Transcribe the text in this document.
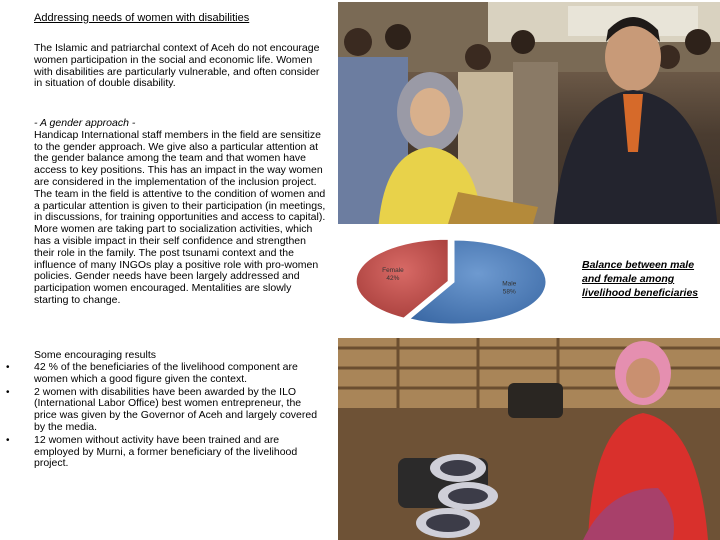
Addressing needs of women with disabilities

The Islamic and patriarchal context of Aceh do not encourage women participation in the social and economic life. Women with disabilities are particularly vulnerable, and often consider in situation of double disability.

- A gender approach -
Handicap International staff members in the field are sensitize to the gender approach. We give also a particular attention at the gender balance among the team and that women have access to key positions. This has an impact in the way women are considered in the implementation of the inclusion project. The team in the field is attentive to the condition of women and a particular attention is given to their participation (in meetings, in discussions, for training opportunities and access to capital). More women are taking part to socialization activities, which has a visible impact in their self confidence and strengthen their role in the family. The post tsunami context and the influence of many INGOs play a positive role with pro-women policies. Gender needs have been largely addressed and participation women encouraged. Mentalities are slowly starting to change.

Some encouraging results
• 42 % of the beneficiaries of the livelihood component are women which a good figure given the context.
• 2 women with disabilities have been awarded by the ILO (International Labor Office) best women entrepreneur, the price was given by the Governor of Aceh and largely covered by the media.
• 12 women without activity have been trained and are employed by Murni, a former beneficiary of the livelihood project.
Female
42%
Male
58%
Balance between male and female among livelihood beneficiaries
